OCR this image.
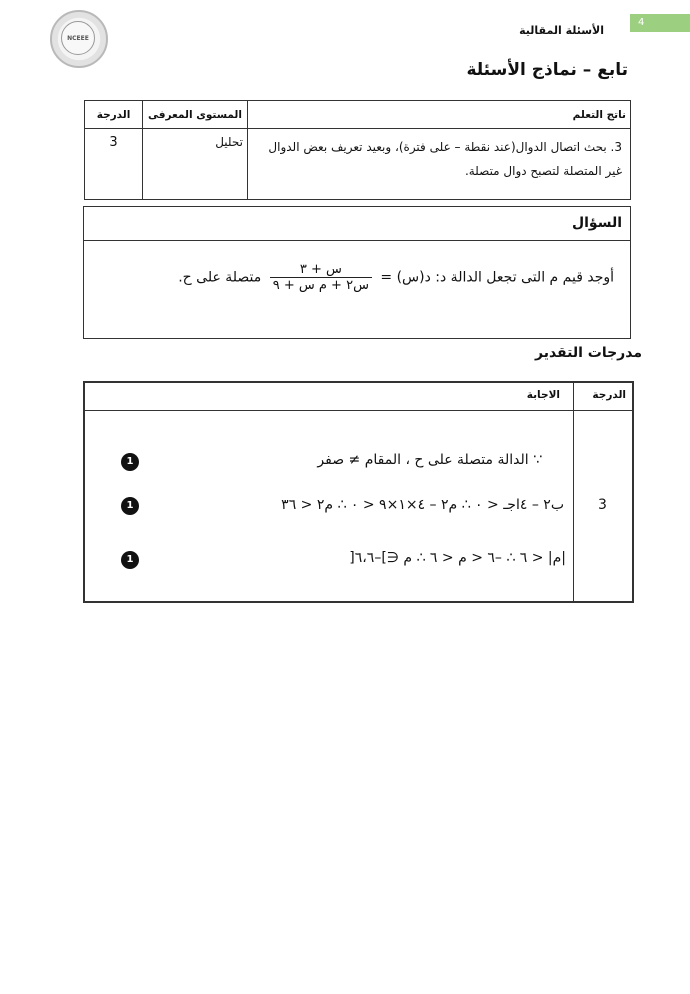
NCEEE
4
الأسئلة المقالية
تابع – نماذج الأسئلة
ناتج التعلم	المستوى المعرفى	الدرجة
3. بحث اتصال الدوال(عند نقطة – على فترة)، وبعيد تعريف بعض الدوال غير المتصلة لتصبح دوال متصلة.	تحليل	3
السؤال
أوجد قيم م التى تجعل الدالة د: د(س) =
$\frac{\text{س + ٣}}{\text{س٢ + م س + ٩}}$
متصلة على ح.
مدرجات التقدير
الدرجة
الاجابة
3
∵ الدالة متصلة على ح ، المقام ≠ صفر
ب٢ – ٤اجـ < ٠ ∴ م٢ – ٤×١×٩ < ٠ ∴ م٢ < ٣٦
|م| < ٦ ∴ –٦ < م < ٦ ∴ م ∈]–٦،٦[
1
1
1
